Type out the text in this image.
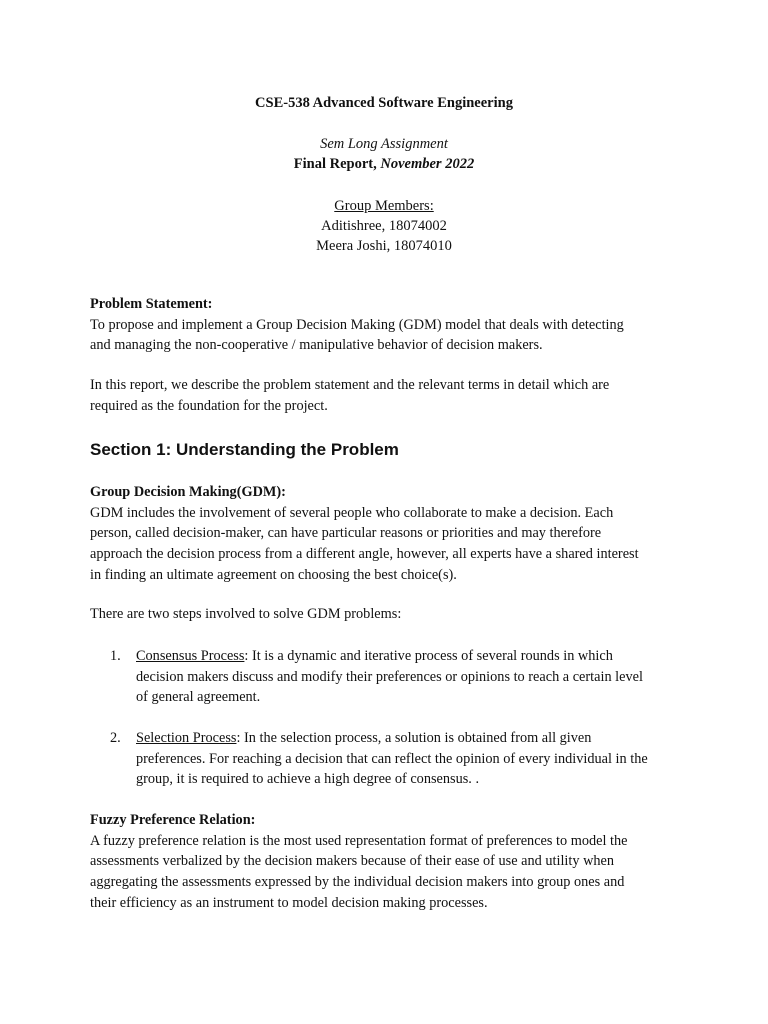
CSE-538 Advanced Software Engineering
Sem Long Assignment
Final Report, November 2022
Group Members:
Aditishree, 18074002
Meera Joshi, 18074010
Problem Statement:
To propose and implement a Group Decision Making (GDM) model that deals with detecting
and managing the non-cooperative / manipulative behavior of decision makers.
In this report, we describe the problem statement and the relevant terms in detail which are
required as the foundation for the project.
Section 1: Understanding the Problem
Group Decision Making(GDM):
GDM includes the involvement of several people who collaborate to make a decision. Each
person, called decision-maker, can have particular reasons or priorities and may therefore
approach the decision process from a different angle, however, all experts have a shared interest
in finding an ultimate agreement on choosing the best choice(s).
There are two steps involved to solve GDM problems:
1. Consensus Process: It is a dynamic and iterative process of several rounds in which
decision makers discuss and modify their preferences or opinions to reach a certain level
of general agreement.
2. Selection Process: In the selection process, a solution is obtained from all given
preferences. For reaching a decision that can reflect the opinion of every individual in the
group, it is required to achieve a high degree of consensus. .
Fuzzy Preference Relation:
A fuzzy preference relation is the most used representation format of preferences to model the
assessments verbalized by the decision makers because of their ease of use and utility when
aggregating the assessments expressed by the individual decision makers into group ones and
their efficiency as an instrument to model decision making processes.
